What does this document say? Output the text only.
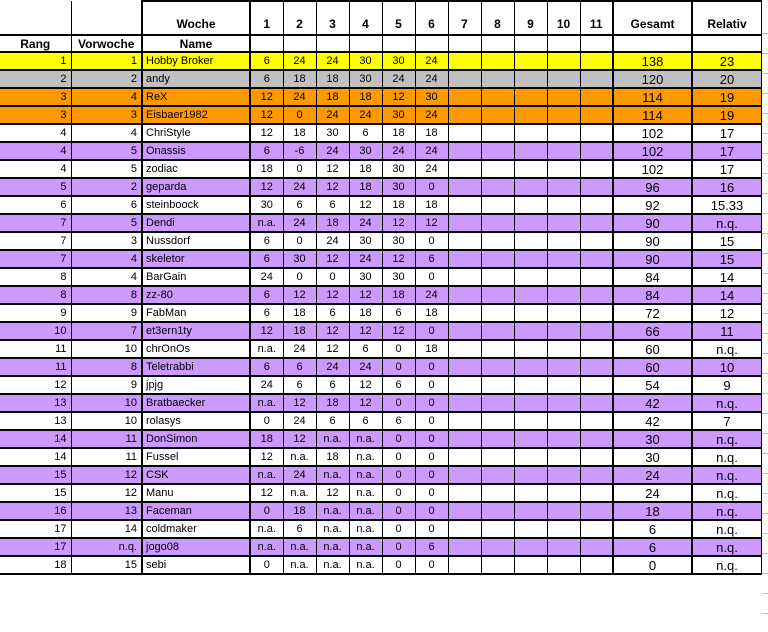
		Woche	1	2	3	4	5	6	7	8	9	10	11	Gesamt	Relativ
Rang	Vorwoche	Name													
1	1	Hobby Broker	6	24	24	30	30	24						138	23
2	2	andy	6	18	18	30	24	24						120	20
3	4	ReX	12	24	18	18	12	30						114	19
3	3	Eisbaer1982	12	0	24	24	30	24						114	19
4	4	ChriStyle	12	18	30	6	18	18						102	17
4	5	Onassis	6	-6	24	30	24	24						102	17
4	5	zodiac	18	0	12	18	30	24						102	17
5	2	geparda	12	24	12	18	30	0						96	16
6	6	steinboock	30	6	6	12	18	18						92	15.33
7	5	Dendi	n.a.	24	18	24	12	12						90	n.q.
7	3	Nussdorf	6	0	24	30	30	0						90	15
7	4	skeletor	6	30	12	24	12	6						90	15
8	4	BarGain	24	0	0	30	30	0						84	14
8	8	zz-80	6	12	12	12	18	24						84	14
9	9	FabMan	6	18	6	18	6	18						72	12
10	7	et3ern1ty	12	18	12	12	12	0						66	11
11	10	chrOnOs	n.a.	24	12	6	0	18						60	n.q.
11	8	Teletrabbi	6	6	24	24	0	0						60	10
12	9	jpjg	24	6	6	12	6	0						54	9
13	10	Bratbaecker	n.a.	12	18	12	0	0						42	n.q.
13	10	rolasys	0	24	6	6	6	0						42	7
14	11	DonSimon	18	12	n.a.	n.a.	0	0						30	n.q.
14	11	Fussel	12	n.a.	18	n.a.	0	0						30	n.q.
15	12	CSK	n.a.	24	n.a.	n.a.	0	0						24	n.q.
15	12	Manu	12	n.a.	12	n.a.	0	0						24	n.q.
16	13	Faceman	0	18	n.a.	n.a.	0	0						18	n.q.
17	14	coldmaker	n.a.	6	n.a.	n.a.	0	0						6	n.q.
17	n.q.	jogo08	n.a.	n.a.	n.a.	n.a.	0	6						6	n.q.
18	15	sebi	0	n.a.	n.a.	n.a.	0	0						0	n.q.
